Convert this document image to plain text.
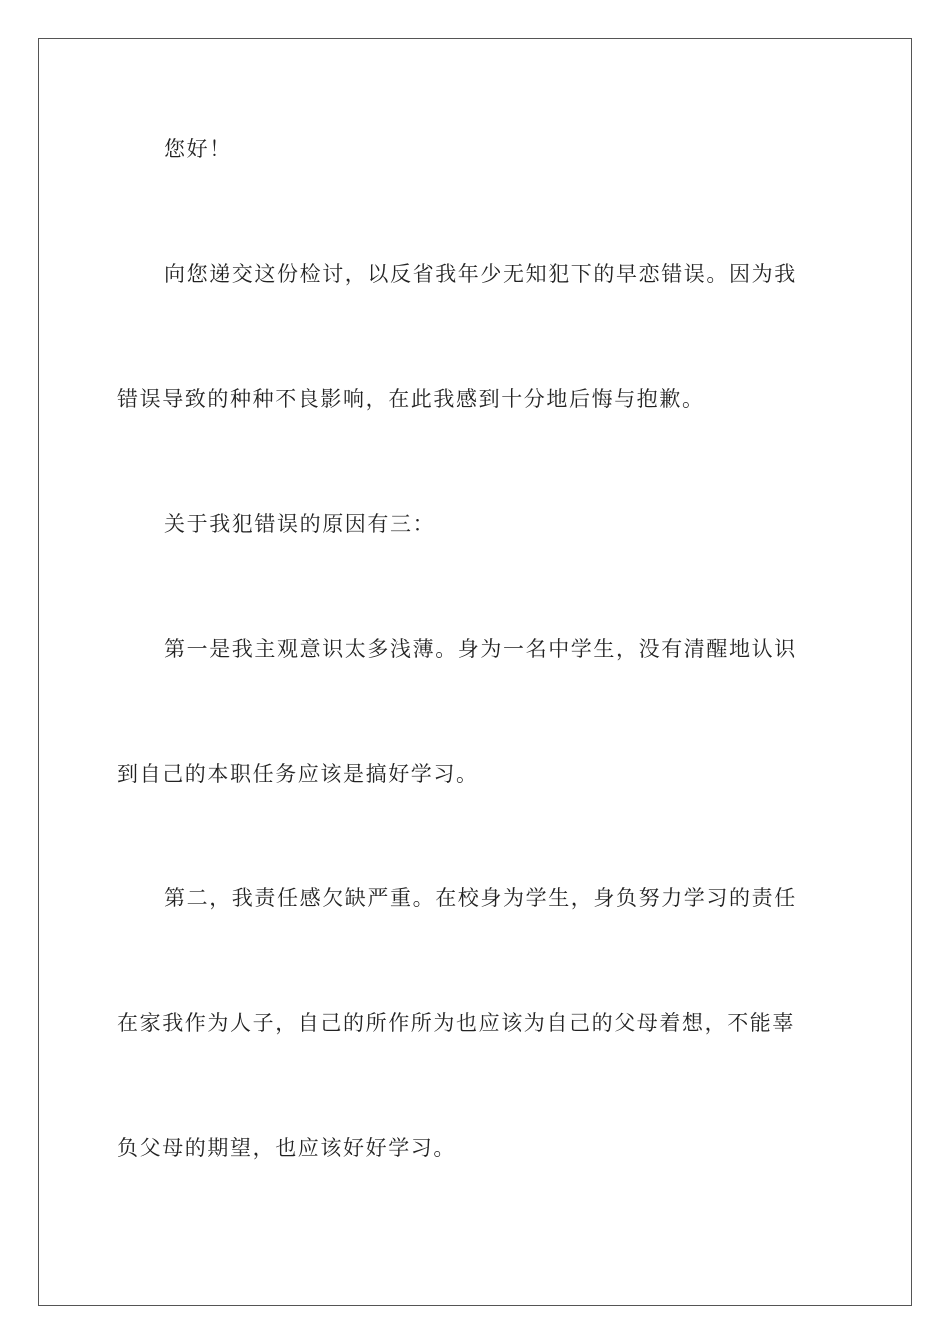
您好！

向您递交这份检讨，以反省我年少无知犯下的早恋错误。因为我

错误导致的种种不良影响，在此我感到十分地后悔与抱歉。

关于我犯错误的原因有三：

第一是我主观意识太多浅薄。身为一名中学生，没有清醒地认识

到自己的本职任务应该是搞好学习。

第二，我责任感欠缺严重。在校身为学生，身负努力学习的责任

在家我作为人子，自己的所作所为也应该为自己的父母着想，不能辜

负父母的期望，也应该好好学习。
